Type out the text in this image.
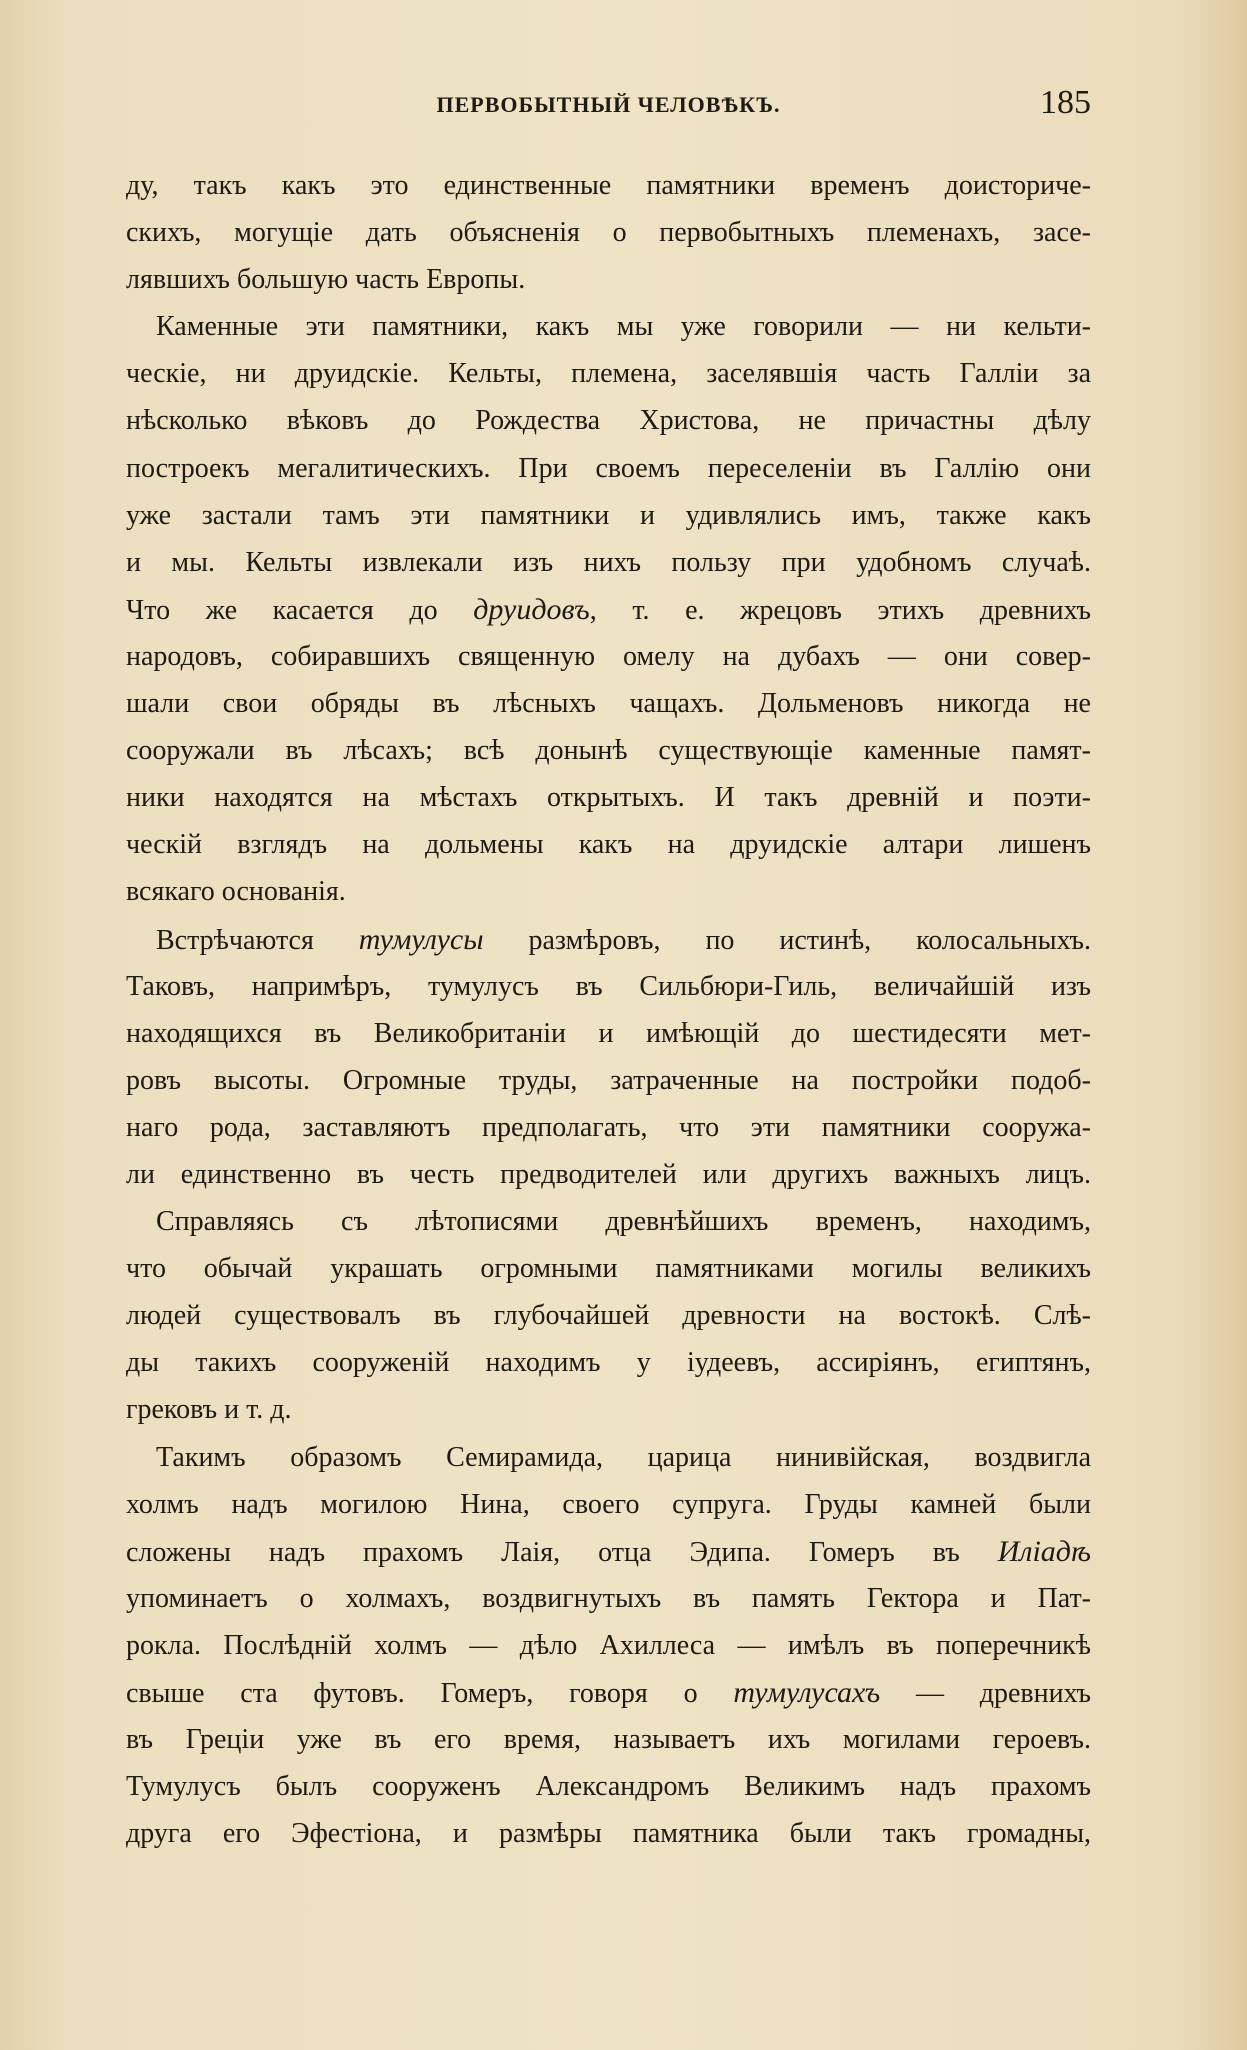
ПЕРВОБЫТНЫЙ ЧЕЛОВѢКЪ.	185
ду, такъ какъ это единственные памятники временъ доисториче-
скихъ, могущіе дать объясненія о первобытныхъ племенахъ, засе-
лявшихъ большую часть Европы.
Каменные эти памятники, какъ мы уже говорили — ни кельти-
ческіе, ни друидскіе. Кельты, племена, заселявшія часть Галліи за
нѣсколько вѣковъ до Рождества Христова, не причастны дѣлу
построекъ мегалитическихъ. При своемъ переселеніи въ Галлію они
уже застали тамъ эти памятники и удивлялись имъ, также какъ
и мы. Кельты извлекали изъ нихъ пользу при удобномъ случаѣ.
Что же касается до друидовъ, т. е. жрецовъ этихъ древнихъ
народовъ, собиравшихъ священную омелу на дубахъ — они совер-
шали свои обряды въ лѣсныхъ чащахъ. Дольменовъ никогда не
сооружали въ лѣсахъ; всѣ донынѣ существующіе каменные памят-
ники находятся на мѣстахъ открытыхъ. И такъ древній и поэти-
ческій взглядъ на дольмены какъ на друидскіе алтари лишенъ
всякаго основанія.
Встрѣчаются тумулусы размѣровъ, по истинѣ, колосальныхъ.
Таковъ, напримѣръ, тумулусъ въ Сильбюри-Гиль, величайшій изъ
находящихся въ Великобританіи и имѣющій до шестидесяти мет-
ровъ высоты. Огромные труды, затраченные на постройки подоб-
наго рода, заставляютъ предполагать, что эти памятники сооружа-
ли единственно въ честь предводителей или другихъ важныхъ лицъ.
Справляясь съ лѣтописями древнѣйшихъ временъ, находимъ,
что обычай украшать огромными памятниками могилы великихъ
людей существовалъ въ глубочайшей древности на востокѣ. Слѣ-
ды такихъ сооруженій находимъ у іудеевъ, ассиріянъ, египтянъ,
грековъ и т. д.
Такимъ образомъ Семирамида, царица нинивійская, воздвигла
холмъ надъ могилою Нина, своего супруга. Груды камней были
сложены надъ прахомъ Лаія, отца Эдипа. Гомеръ въ Иліадѣ
упоминаетъ о холмахъ, воздвигнутыхъ въ память Гектора и Пат-
рокла. Послѣдній холмъ — дѣло Ахиллеса — имѣлъ въ поперечникѣ
свыше ста футовъ. Гомеръ, говоря о тумулусахъ — древнихъ
въ Греціи уже въ его время, называетъ ихъ могилами героевъ.
Тумулусъ былъ сооруженъ Александромъ Великимъ надъ прахомъ
друга его Эфестіона, и размѣры памятника были такъ громадны,
